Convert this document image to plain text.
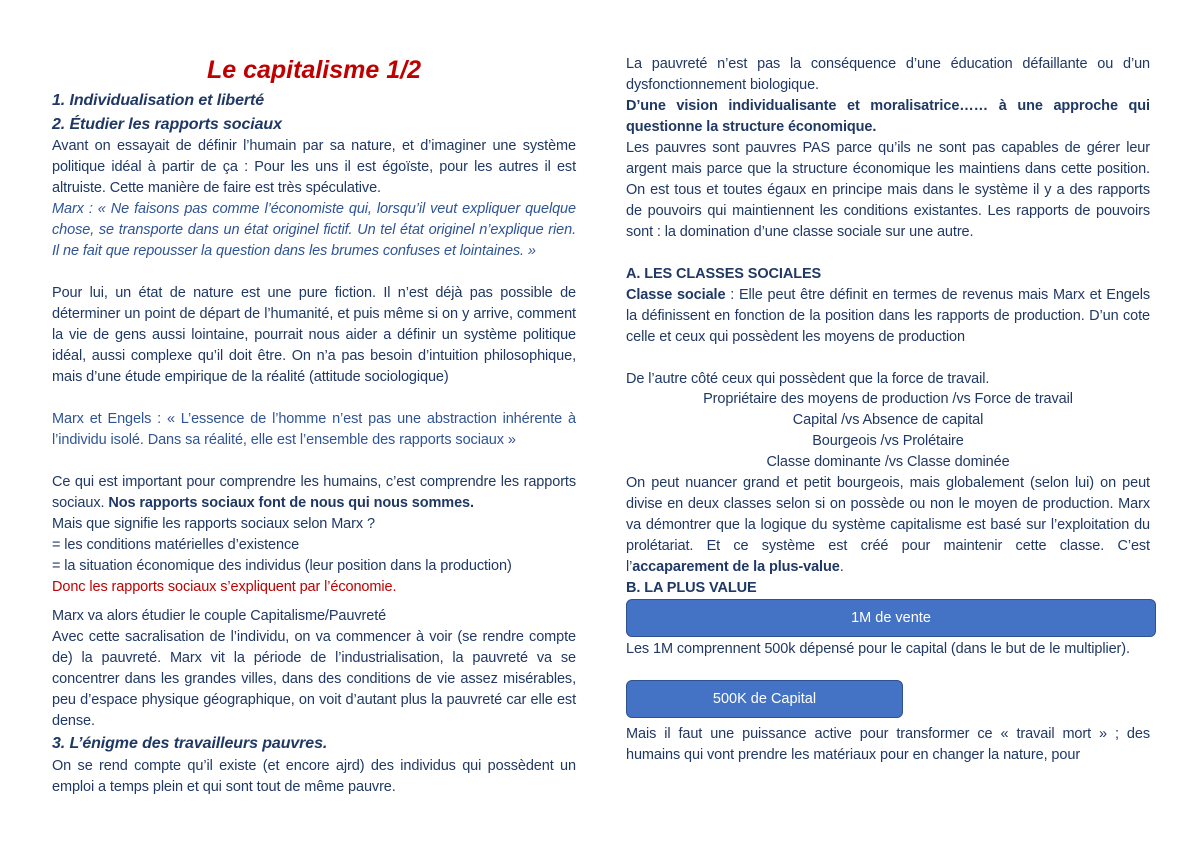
Le capitalisme 1/2
1. Individualisation et liberté
2. Étudier les rapports sociaux
Avant on essayait de définir l’humain par sa nature, et d’imaginer une système politique idéal à partir de ça : Pour les uns il est égoïste, pour les autres il est altruiste. Cette manière de faire est très spéculative.
Marx : « Ne faisons pas comme l’économiste qui, lorsqu’il veut expliquer quelque chose, se transporte dans un état originel fictif. Un tel état originel n’explique rien. Il ne fait que repousser la question dans les brumes confuses et lointaines. »
Pour lui, un état de nature est une pure fiction. Il n’est déjà pas possible de déterminer un point de départ de l’humanité, et puis même si on y arrive, comment la vie de gens aussi lointaine, pourrait nous aider a définir un système politique idéal, aussi complexe qu’il doit être. On n’a pas besoin d’intuition philosophique, mais d’une étude empirique de la réalité (attitude sociologique)
Marx et Engels : « L’essence de l’homme n’est pas une abstraction inhérente à l’individu isolé. Dans sa réalité, elle est l’ensemble des rapports sociaux »
Ce qui est important pour comprendre les humains, c’est comprendre les rapports sociaux. Nos rapports sociaux font de nous qui nous sommes.
Mais que signifie les rapports sociaux selon Marx ?
= les conditions matérielles d’existence
= la situation économique des individus (leur position dans la production)
Donc les rapports sociaux s’expliquent par l’économie.
Marx va alors étudier le couple Capitalisme/Pauvreté
Avec cette sacralisation de l’individu, on va commencer à voir (se rendre compte de) la pauvreté. Marx vit la période de l’industrialisation, la pauvreté va se concentrer dans les grandes villes, dans des conditions de vie assez misérables, peu d’espace physique géographique, on voit d’autant plus la pauvreté car elle est dense.
3. L’énigme des travailleurs pauvres.
On se rend compte qu’il existe (et encore ajrd) des individus qui possèdent un emploi a temps plein et qui sont tout de même pauvre.
La pauvreté n’est pas la conséquence d’une éducation défaillante ou d’un dysfonctionnement biologique.
D’une vision individualisante et moralisatrice…… à une approche qui questionne la structure économique.
Les pauvres sont pauvres PAS parce qu’ils ne sont pas capables de gérer leur argent mais parce que la structure économique les maintiens dans cette position. On est tous et toutes égaux en principe mais dans le système il y a des rapports de pouvoirs qui maintiennent les conditions existantes. Les rapports de pouvoirs sont : la domination d’une classe sociale sur une autre.
A. LES CLASSES SOCIALES
Classe sociale : Elle peut être définit en termes de revenus mais Marx et Engels la définissent en fonction de la position dans les rapports de production. D’un cote celle et ceux qui possèdent les moyens de production
De l’autre côté ceux qui possèdent que la force de travail.
Propriétaire des moyens de production /vs Force de travail
Capital /vs Absence de capital
Bourgeois /vs Prolétaire
Classe dominante /vs Classe dominée
On peut nuancer grand et petit bourgeois, mais globalement (selon lui) on peut divise en deux classes selon si on possède ou non le moyen de production. Marx va démontrer que la logique du système capitalisme est basé sur l’exploitation du prolétariat. Et ce système est créé pour maintenir cette classe. C’est l’accaparement de la plus-value.
B. LA PLUS VALUE
1M de vente
Les 1M comprennent 500k dépensé pour le capital (dans le but de le multiplier).
500K de Capital
Mais il faut une puissance active pour transformer ce « travail mort » ; des humains qui vont prendre les matériaux pour en changer la nature, pour
